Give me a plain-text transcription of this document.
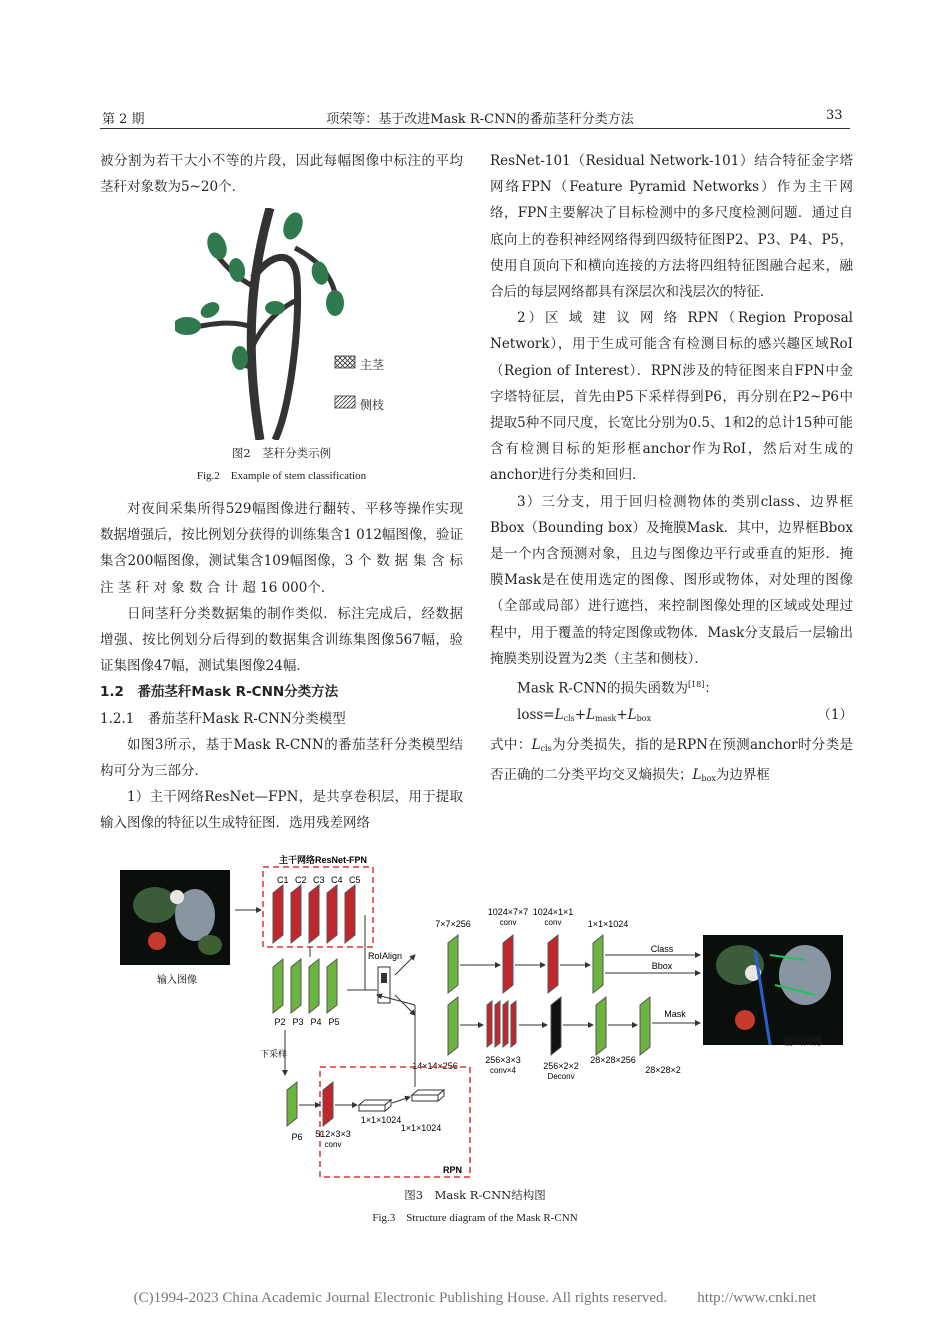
第 2 期	项荣等：基于改进Mask R-CNN的番茄茎秆分类方法	33

被分割为若干大小不等的片段，因此每幅图像中标注的平均茎秆对象数为5~20个．

主茎
侧枝
图2　茎秆分类示例
Fig.2　Example of stem classification

对夜间采集所得529幅图像进行翻转、平移等操作实现数据增强后，按比例划分获得的训练集含1 012幅图像，验证集含200幅图像，测试集含109幅图像，3 个 数 据 集 含 标 注 茎 秆 对 象 数 合 计 超 16 000个．

日间茎秆分类数据集的制作类似．标注完成后，经数据增强、按比例划分后得到的数据集含训练集图像567幅，验证集图像47幅，测试集图像24幅．

1.2　番茄茎秆Mask R-CNN分类方法

1.2.1　番茄茎秆Mask R-CNN分类模型

如图3所示，基于Mask R-CNN的番茄茎秆分类模型结构可分为三部分．

1）主干网络ResNet—FPN，是共享卷积层，用于提取输入图像的特征以生成特征图．选用残差网络

ResNet-101（Residual Network-101）结合特征金字塔网络FPN（Feature Pyramid Networks）作为主干网络，FPN主要解决了目标检测中的多尺度检测问题．通过自底向上的卷积神经网络得到四级特征图P2、P3、P4、P5，使用自顶向下和横向连接的方法将四组特征图融合起来，融合后的每层网络都具有深层次和浅层次的特征．

2）区 域 建 议 网 络 RPN（Region Proposal Network），用于生成可能含有检测目标的感兴趣区域RoI（Region of Interest）．RPN涉及的特征图来自FPN中金字塔特征层，首先由P5下采样得到P6，再分别在P2~P6中提取5种不同尺度，长宽比分别为0.5、1和2的总计15种可能含有检测目标的矩形框anchor作为RoI，然后对生成的anchor进行分类和回归．

3）三分支，用于回归检测物体的类别class、边界框Bbox（Bounding box）及掩膜Mask．其中，边界框Bbox是一个内含预测对象，且边与图像边平行或垂直的矩形．掩膜Mask是在使用选定的图像、图形或物体，对处理的图像（全部或局部）进行遮挡，来控制图像处理的区域或处理过程中，用于覆盖的特定图像或物体．Mask分支最后一层输出掩膜类别设置为2类（主茎和侧枝）．

Mask R-CNN的损失函数为[18]：

$loss=L_{cls}+L_{mask}+L_{box}$	（1）

式中：$L_{cls}$为分类损失，指的是RPN在预测anchor时分类是否正确的二分类平均交叉熵损失；$L_{box}$为边界框

输入图像
主干网络ResNet-FPN
C1 C2 C3 C4 C5
P2 P3 P4 P5
下采样
RoIAlign
7×7×256
1024×7×7
conv
1024×1×1
conv	1×1×1024
Class
Bbox
14×14×256
256×3×3
conv×4	256×2×2
Deconv
28×28×256
28×28×2
Mask
输出图像
RPN
P6 512×3×3
conv
1×1×1024
1×1×1024
图3　Mask R-CNN结构图
Fig.3　Structure diagram of the Mask R-CNN
(C)1994-2023 China Academic Journal Electronic Publishing House. All rights reserved.　　http://www.cnki.net
